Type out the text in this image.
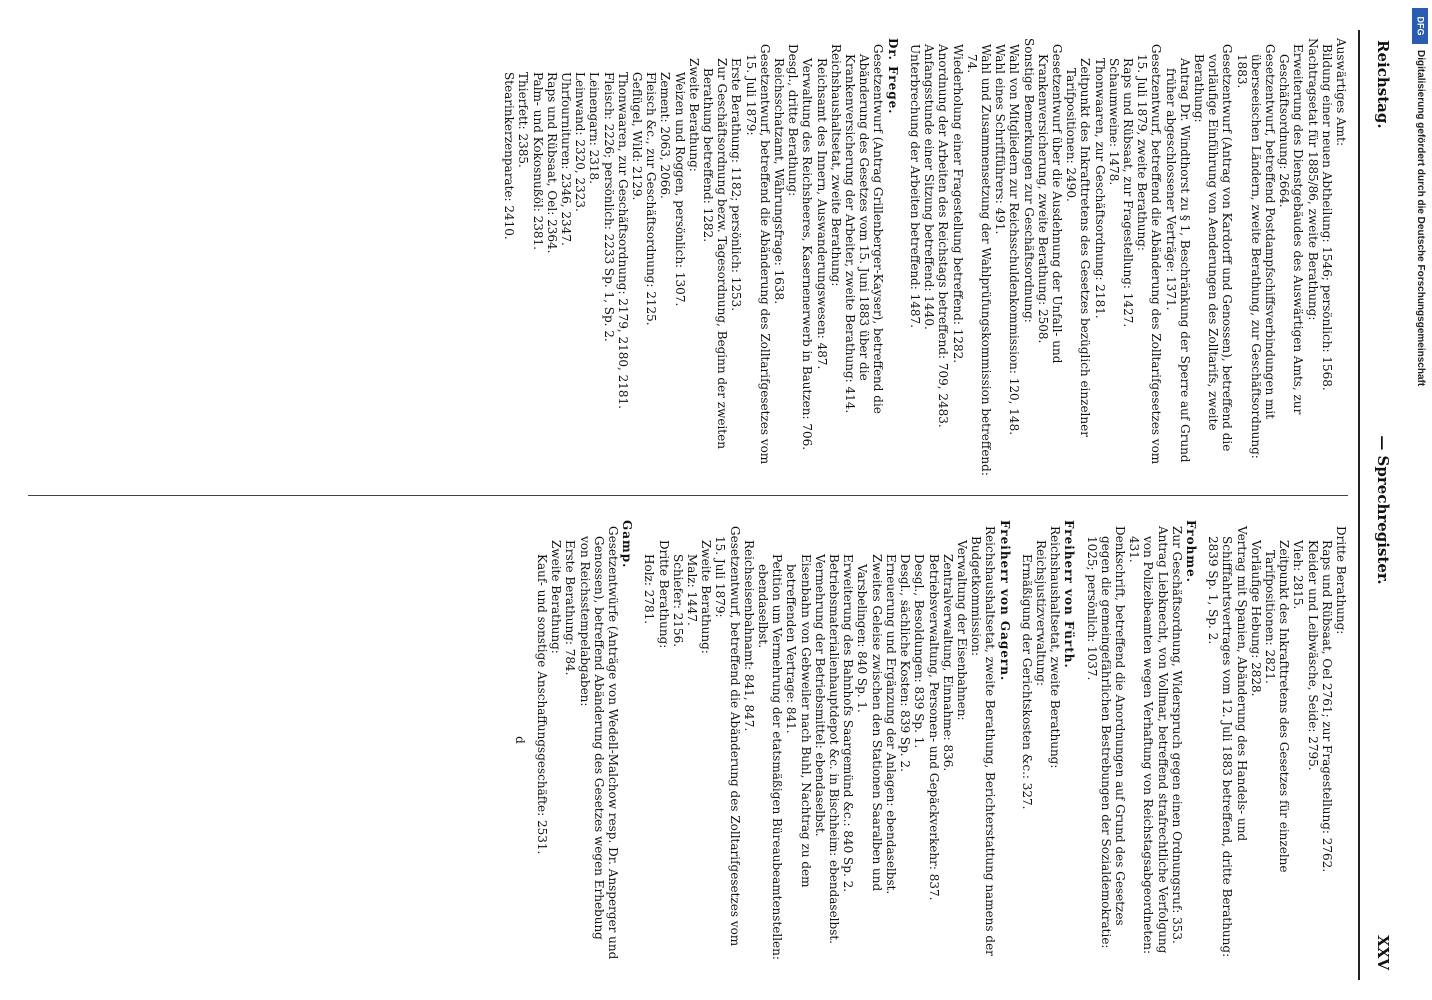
Reichstag.
— Sprechregister.
XXV

Auswärtiges Amt:

Bildung einer neuen Abtheilung: 1546; persönlich: 1568.

Nachtragsetat für 1885/86, zweite Berathung:

Erweiterung des Dienstgebäudes des Auswärtigen Amts, zur Geschäftsordnung: 2664.

Gesetzentwurf, betreffend Postdampfschiffsverbindungen mit überseeischen Ländern, zweite Berathung, zur Geschäftsordnung: 1883.

Gesetzentwurf (Antrag von Kardorff und Genossen), betreffend die vorläufige Einführung von Aenderungen des Zolltarifs, zweite Berathung:

Antrag Dr. Windthorst zu § 1, Beschränkung der Sperre auf Grund früher abgeschlossener Verträge: 1371.

Gesetzentwurf, betreffend die Abänderung des Zolltarifgesetzes vom 15. Juli 1879, zweite Berathung:

Raps und Rübsaat, zur Fragestellung: 1427.

Schaumweine: 1478.

Thonwaaren, zur Geschäftsordnung: 2181.

Zeitpunkt des Inkrafttretens des Gesetzes bezüglich einzelner Tarifpositionen: 2490.

Gesetzentwurf über die Ausdehnung der Unfall- und Krankenversicherung, zweite Berathung: 2508.

Sonstige Bemerkungen zur Geschäftsordnung:

Wahl von Mitgliedern zur Reichsschuldenkommission: 120, 148.

Wahl eines Schriftführers: 491.

Wahl und Zusammensetzung der Wahlprüfungskommission betreffend: 74.

Wiederholung einer Fragestellung betreffend: 1282.

Anordnung der Arbeiten des Reichstags betreffend: 709, 2483.

Anfangsstunde einer Sitzung betreffend: 1440.

Unterbrechung der Arbeiten betreffend: 1487.

Dr. Frege.

Gesetzentwurf (Antrag Grillenberger-Kayser), betreffend die Abänderung des Gesetzes vom 15. Juni 1883 über die Krankenversicherung der Arbeiter, zweite Berathung: 414.

Reichshaushaltsetat, zweite Berathung:

Reichsamt des Innern, Auswanderungswesen: 487.

Verwaltung des Reichsheeres, Kasernenerwerb in Bautzen: 706.

Desgl., dritte Berathung:

Reichsschatzamt, Währungsfrage: 1638.

Gesetzentwurf, betreffend die Abänderung des Zolltarifgesetzes vom 15. Juli 1879:

Erste Berathung: 1182; persönlich: 1253.

Zur Geschäftsordnung bezw. Tagesordnung, Beginn der zweiten Berathung betreffend: 1282.

Zweite Berathung:

Weizen und Roggen, persönlich: 1307.

Zement: 2063, 2066.

Fleisch &c., zur Geschäftsordnung: 2125.

Geflügel, Wild: 2129.

Thonwaaren, zur Geschäftsordnung: 2179, 2180, 2181.

Fleisch: 2226; persönlich: 2233 Sp. 1, Sp. 2.

Leinengarn: 2318.

Leinwand: 2320, 2323.

Uhrfournituren: 2346, 2347.

Raps und Rübsaat, Oel: 2364.

Palm- und Kokosnußöl: 2381.

Thierfett: 2385.

Stearinkerzenparate: 2410.

Dritte Berathung:

Raps und Rübsaat, Oel 2761; zur Fragestellung: 2762.

Kleider und Leibwäsche, Seide: 2795.

Vieh: 2815.

Zeitpunkt des Inkrafttretens des Gesetzes für einzelne Tarifpositionen: 2821.

Vorläufige Hebung: 2828.

Vertrag mit Spanien, Abänderung des Handels- und Schifffahrtsvertrages vom 12. Juli 1883 betreffend, dritte Berathung: 2839 Sp. 1, Sp. 2.

Frohme.

Zur Geschäftsordnung, Widerspruch gegen einen Ordnungsruf: 353.

Antrag Liebknecht, von Vollmar, betreffend strafrechtliche Verfolgung von Polizeibeamten wegen Verhaftung von Reichstagsabgeordneten: 431.

Denkschrift, betreffend die Anordnungen auf Grund des Gesetzes gegen die gemeingefährlichen Bestrebungen der Sozialdemokratie: 1025; persönlich: 1037.

Freiherr von Fürth.

Reichshaushaltsetat, zweite Berathung:

Reichsjustizverwaltung:

Ermäßigung der Gerichtskosten &c.: 327.

Freiherr von Gagern.

Reichshaushaltsetat, zweite Berathung, Berichterstattung namens der Budgetkommission:

Verwaltung der Eisenbahnen:

Zentralverwaltung, Einnahme: 836.

Betriebsverwaltung, Personen- und Gepäckverkehr: 837.

Desgl., Besoldungen: 839 Sp. 1.

Desgl., sächliche Kosten: 839 Sp. 2.

Erneuerung und Ergänzung der Anlagen: ebendaselbst.

Zweites Geleise zwischen den Stationen Saaralben und Varsbelingen: 840 Sp. 1.

Erweiterung des Bahnhofs Saargemünd &c.: 840 Sp. 2.

Betriebsmaterialienhauptdepot &c. in Bischheim: ebendaselbst.

Vermehrung der Betriebsmittel: ebendaselbst.

Eisenbahn von Gebweiler nach Buhl, Nachtrag zu dem betreffenden Vertrage: 841.

Petition um Vermehrung der etatsmäßigen Büreaubeamtenstellen: ebendaselbst.

Reichseisenbahnamt: 841, 847.

Gesetzentwurf, betreffend die Abänderung des Zolltarifgesetzes vom 15. Juli 1879:

Zweite Berathung:

Malz: 1447.

Schiefer: 2156.

Dritte Berathung:

Holz: 2781.

Gamp.

Gesetzentwürfe (Anträge von Wedell-Malchow resp. Dr. Ansperger und Genossen), betreffend Abänderung des Gesetzes wegen Erhebung von Reichsstempelabgaben:

Erste Berathung: 784.

Zweite Berathung:

Kauf- und sonstige Anschaffungsgeschäfte: 2531.

d

DFG
Digitalisierung gefördert durch die Deutsche Forschungsgemeinschaft
